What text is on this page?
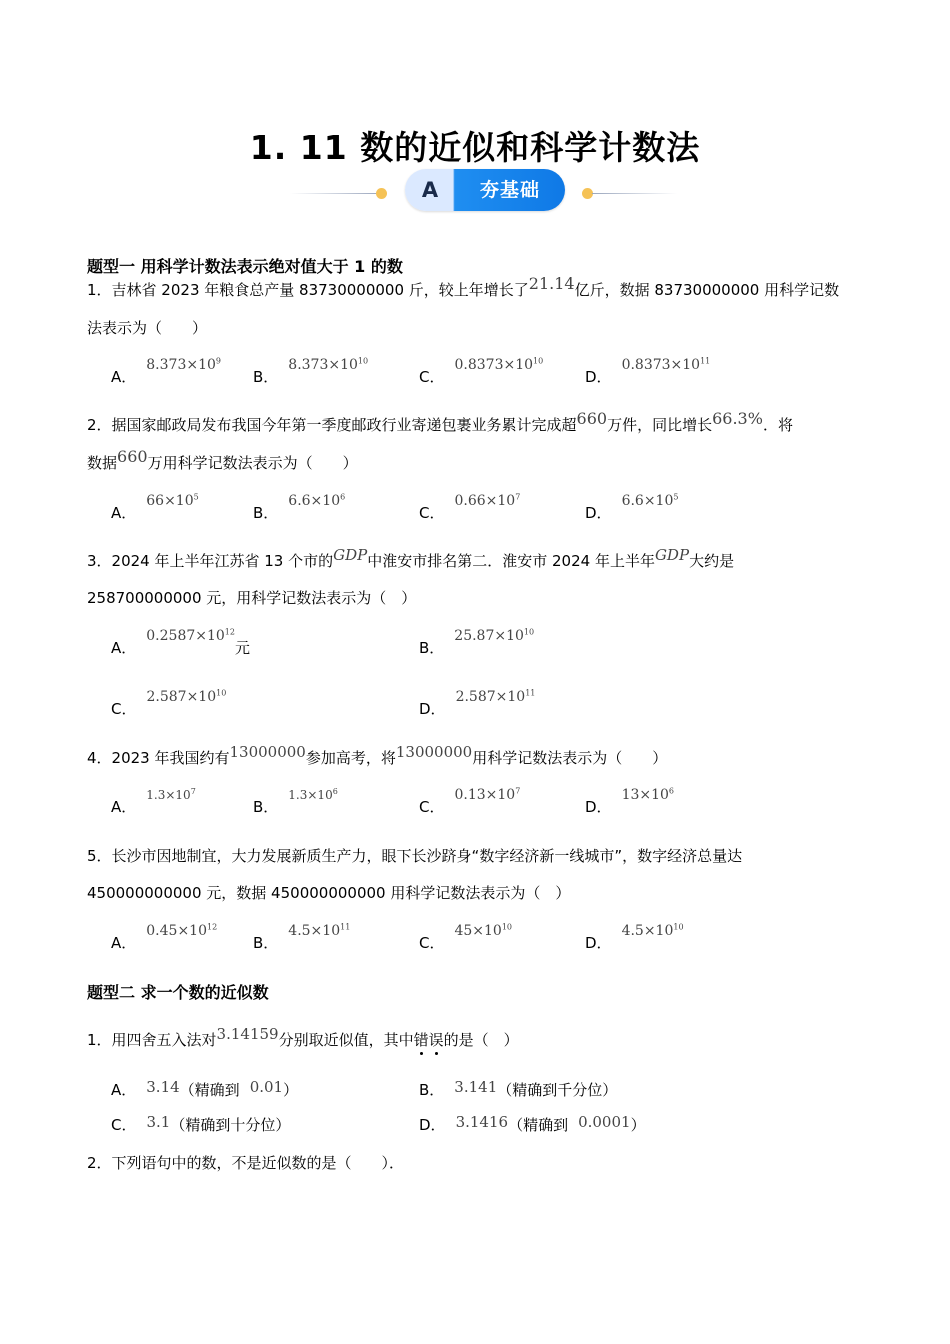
1. 11 数的近似和科学计数法
A	夯基础
题型一 用科学计数法表示绝对值大于 1 的数
1．吉林省 2023 年粮食总产量 83730000000 斤，较上年增长了21.14亿斤，数据 83730000000 用科学记数
法表示为（　　）
A．$8.373\times 10^9$
B．$8.373\times 10^{10}$
C．$0.8373\times 10^{10}$
D．$0.8373\times 10^{11}$
2．据国家邮政局发布我国今年第一季度邮政行业寄递包裹业务累计完成超660万件，同比增长66.3%．将
数据660万用科学记数法表示为（　　）
A．$66\times 10^5$
B．$6.6\times 10^6$
C．$0.66\times 10^7$
D．$6.6\times 10^5$
3．2024 年上半年江苏省 13 个市的GDP中淮安市排名第二．淮安市 2024 年上半年GDP大约是
258700000000 元，用科学记数法表示为（　）
A．$0.2587\times 10^{12}$元	B．$25.87\times 10^{10}$
C．$2.587\times 10^{10}$
D．$2.587\times 10^{11}$
4．2023 年我国约有13000000参加高考，将13000000用科学记数法表示为（　　）
A．$^{1.3\times 10^7}$
B．$^{1.3\times 10^6}$
C．$0.13\times 10^7$
D．$13\times 10^6$
5．长沙市因地制宜，大力发展新质生产力，眼下长沙跻身“数字经济新一线城市”，数字经济总量达
450000000000 元，数据 450000000000 用科学记数法表示为（　）
A．$0.45\times 10^{12}$
B．$4.5\times 10^{11}$
C．$45\times 10^{10}$
D．$4.5\times 10^{10}$
题型二 求一个数的近似数
1．用四舍五入法对3.14159分别取近似值，其中错误的是（　）
A． 3.14（精确到 0.01）	B． 3.141（精确到千分位）
C． 3.1（精确到十分位）	D． 3.1416（精确到 0.0001）
2．下列语句中的数，不是近似数的是（　　）．
